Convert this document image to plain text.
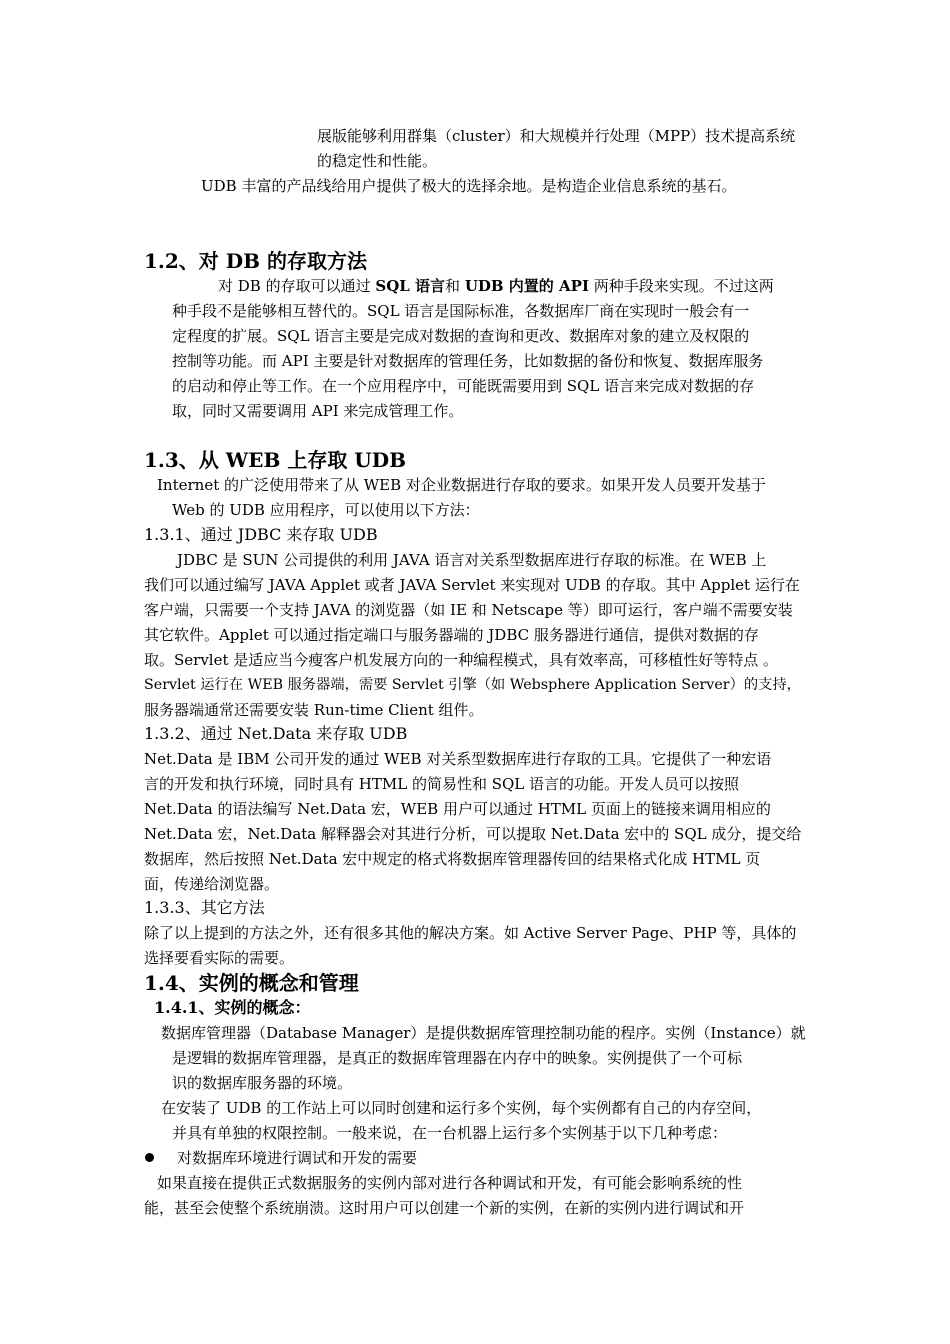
展版能够利用群集（cluster）和大规模并行处理（MPP）技术提高系统
的稳定性和性能。
UDB 丰富的产品线给用户提供了极大的选择余地。是构造企业信息系统的基石。
1.2、对 DB 的存取方法
对 DB 的存取可以通过 SQL 语言和 UDB 内置的 API 两种手段来实现。不过这两
种手段不是能够相互替代的。SQL 语言是国际标准，各数据库厂商在实现时一般会有一
定程度的扩展。SQL 语言主要是完成对数据的查询和更改、数据库对象的建立及权限的
控制等功能。而 API 主要是针对数据库的管理任务，比如数据的备份和恢复、数据库服务
的启动和停止等工作。在一个应用程序中，可能既需要用到 SQL 语言来完成对数据的存
取，同时又需要调用 API 来完成管理工作。
1.3、从 WEB 上存取 UDB
Internet 的广泛使用带来了从 WEB 对企业数据进行存取的要求。如果开发人员要开发基于
Web 的 UDB 应用程序，可以使用以下方法：
1.3.1、通过 JDBC 来存取 UDB
JDBC 是 SUN 公司提供的利用 JAVA 语言对关系型数据库进行存取的标准。在 WEB 上
我们可以通过编写 JAVA Applet 或者 JAVA Servlet 来实现对 UDB 的存取。其中 Applet 运行在
客户端，只需要一个支持 JAVA 的浏览器（如 IE 和 Netscape 等）即可运行，客户端不需要安装
其它软件。Applet 可以通过指定端口与服务器端的 JDBC 服务器进行通信，提供对数据的存
取。Servlet 是适应当今瘦客户机发展方向的一种编程模式，具有效率高，可移植性好等特点 。
Servlet 运行在 WEB 服务器端，需要 Servlet 引擎（如 Websphere Application Server）的支持，
服务器端通常还需要安装 Run-time Client 组件。
1.3.2、通过 Net.Data 来存取 UDB
Net.Data 是 IBM 公司开发的通过 WEB 对关系型数据库进行存取的工具。它提供了一种宏语
言的开发和执行环境，同时具有 HTML 的简易性和 SQL 语言的功能。开发人员可以按照
Net.Data 的语法编写 Net.Data 宏，WEB 用户可以通过 HTML 页面上的链接来调用相应的
Net.Data 宏，Net.Data 解释器会对其进行分析，可以提取 Net.Data 宏中的 SQL 成分，提交给
数据库，然后按照 Net.Data 宏中规定的格式将数据库管理器传回的结果格式化成 HTML 页
面，传递给浏览器。
1.3.3、其它方法
除了以上提到的方法之外，还有很多其他的解决方案。如 Active Server Page、PHP 等，具体的
选择要看实际的需要。
1.4、实例的概念和管理
1.4.1、实例的概念：
数据库管理器（Database Manager）是提供数据库管理控制功能的程序。实例（Instance）就
是逻辑的数据库管理器，是真正的数据库管理器在内存中的映象。实例提供了一个可标
识的数据库服务器的环境。
在安装了 UDB 的工作站上可以同时创建和运行多个实例，每个实例都有自己的内存空间，
并具有单独的权限控制。一般来说，在一台机器上运行多个实例基于以下几种考虑：
对数据库环境进行调试和开发的需要
如果直接在提供正式数据服务的实例内部对进行各种调试和开发，有可能会影响系统的性
能，甚至会使整个系统崩溃。这时用户可以创建一个新的实例，在新的实例内进行调试和开
